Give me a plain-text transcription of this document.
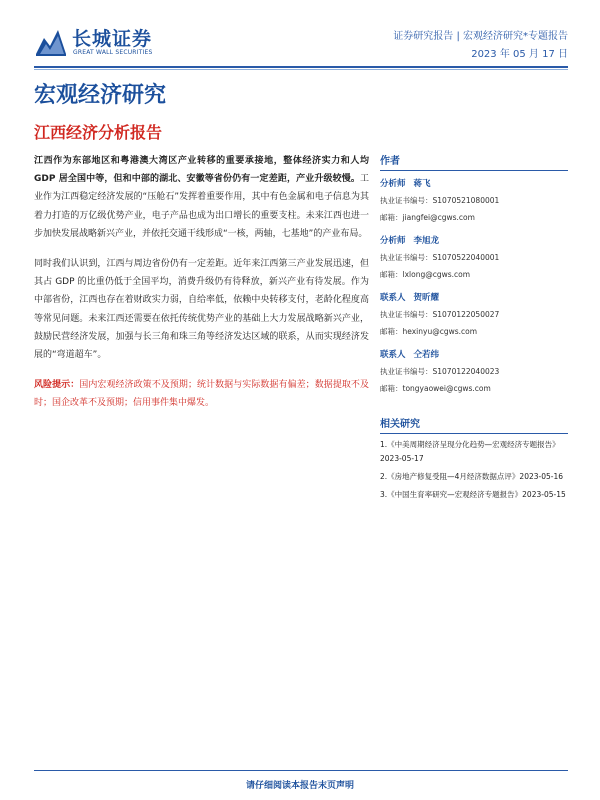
长城证券
GREAT WALL SECURITIES
证券研究报告 | 宏观经济研究*专题报告
2023 年 05 月 17 日
宏观经济研究
江西经济分析报告

江西作为东部地区和粤港澳大湾区产业转移的重要承接地，整体经济实力和人均 GDP 居全国中等，但和中部的湖北、安徽等省份仍有一定差距，产业升级较慢。工业作为江西稳定经济发展的“压舱石”发挥着重要作用，其中有色金属和电子信息为其着力打造的万亿级优势产业，电子产品也成为出口增长的重要支柱。未来江西也进一步加快发展战略新兴产业，并依托交通干线形成“一核，两轴，七基地”的产业布局。

同时我们认识到，江西与周边省份仍有一定差距。近年来江西第三产业发展迅速，但其占 GDP 的比重仍低于全国平均，消费升级仍有待释放，新兴产业有待发展。作为中部省份，江西也存在着财政实力弱，自给率低，依赖中央转移支付，老龄化程度高等常见问题。未来江西还需要在依托传统优势产业的基础上大力发展战略新兴产业，鼓励民营经济发展，加强与长三角和珠三角等经济发达区域的联系，从而实现经济发展的“弯道超车”。

风险提示：国内宏观经济政策不及预期；统计数据与实际数据有偏差；数据提取不及时；国企改革不及预期；信用事件集中爆发。

作者
分析师 蒋飞
执业证书编号：S1070521080001
邮箱：jiangfei@cgws.com
分析师 李旭龙
执业证书编号：S1070522040001
邮箱：lxlong@cgws.com
联系人 贺昕耀
执业证书编号：S1070122050027
邮箱：hexinyu@cgws.com
联系人 仝若纬
执业证书编号：S1070122040023
邮箱：tongyaowei@cgws.com
相关研究
1.《中美周期经济呈现分化趋势—宏观经济专题报告》2023-05-17
2.《房地产修复受阻—4月经济数据点评》2023-05-16
3.《中国生育率研究—宏观经济专题报告》2023-05-15
请仔细阅读本报告末页声明
